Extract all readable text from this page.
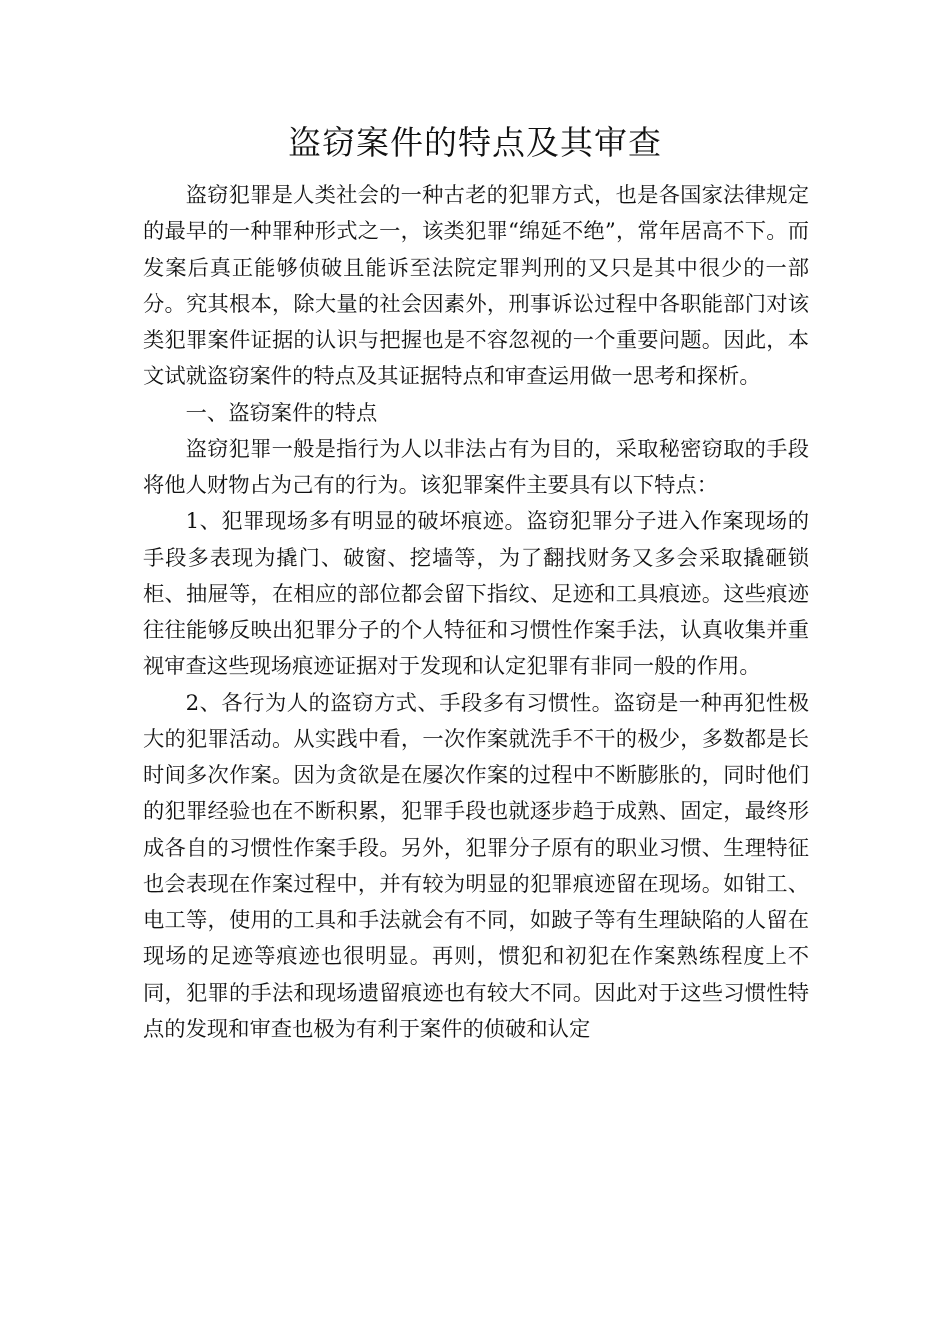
盗窃案件的特点及其审查

盗窃犯罪是人类社会的一种古老的犯罪方式，也是各国家法律规定的最早的一种罪种形式之一，该类犯罪“绵延不绝”，常年居高不下。而发案后真正能够侦破且能诉至法院定罪判刑的又只是其中很少的一部分。究其根本，除大量的社会因素外，刑事诉讼过程中各职能部门对该类犯罪案件证据的认识与把握也是不容忽视的一个重要问题。因此，本文试就盗窃案件的特点及其证据特点和审查运用做一思考和探析。

一、盗窃案件的特点

盗窃犯罪一般是指行为人以非法占有为目的，采取秘密窃取的手段将他人财物占为己有的行为。该犯罪案件主要具有以下特点：

1、犯罪现场多有明显的破坏痕迹。盗窃犯罪分子进入作案现场的手段多表现为撬门、破窗、挖墙等，为了翻找财务又多会采取撬砸锁柜、抽屉等，在相应的部位都会留下指纹、足迹和工具痕迹。这些痕迹往往能够反映出犯罪分子的个人特征和习惯性作案手法，认真收集并重视审查这些现场痕迹证据对于发现和认定犯罪有非同一般的作用。

2、各行为人的盗窃方式、手段多有习惯性。盗窃是一种再犯性极大的犯罪活动。从实践中看，一次作案就洗手不干的极少，多数都是长时间多次作案。因为贪欲是在屡次作案的过程中不断膨胀的，同时他们的犯罪经验也在不断积累，犯罪手段也就逐步趋于成熟、固定，最终形成各自的习惯性作案手段。另外，犯罪分子原有的职业习惯、生理特征也会表现在作案过程中，并有较为明显的犯罪痕迹留在现场。如钳工、电工等，使用的工具和手法就会有不同，如跛子等有生理缺陷的人留在现场的足迹等痕迹也很明显。再则，惯犯和初犯在作案熟练程度上不同，犯罪的手法和现场遗留痕迹也有较大不同。因此对于这些习惯性特点的发现和审查也极为有利于案件的侦破和认定
